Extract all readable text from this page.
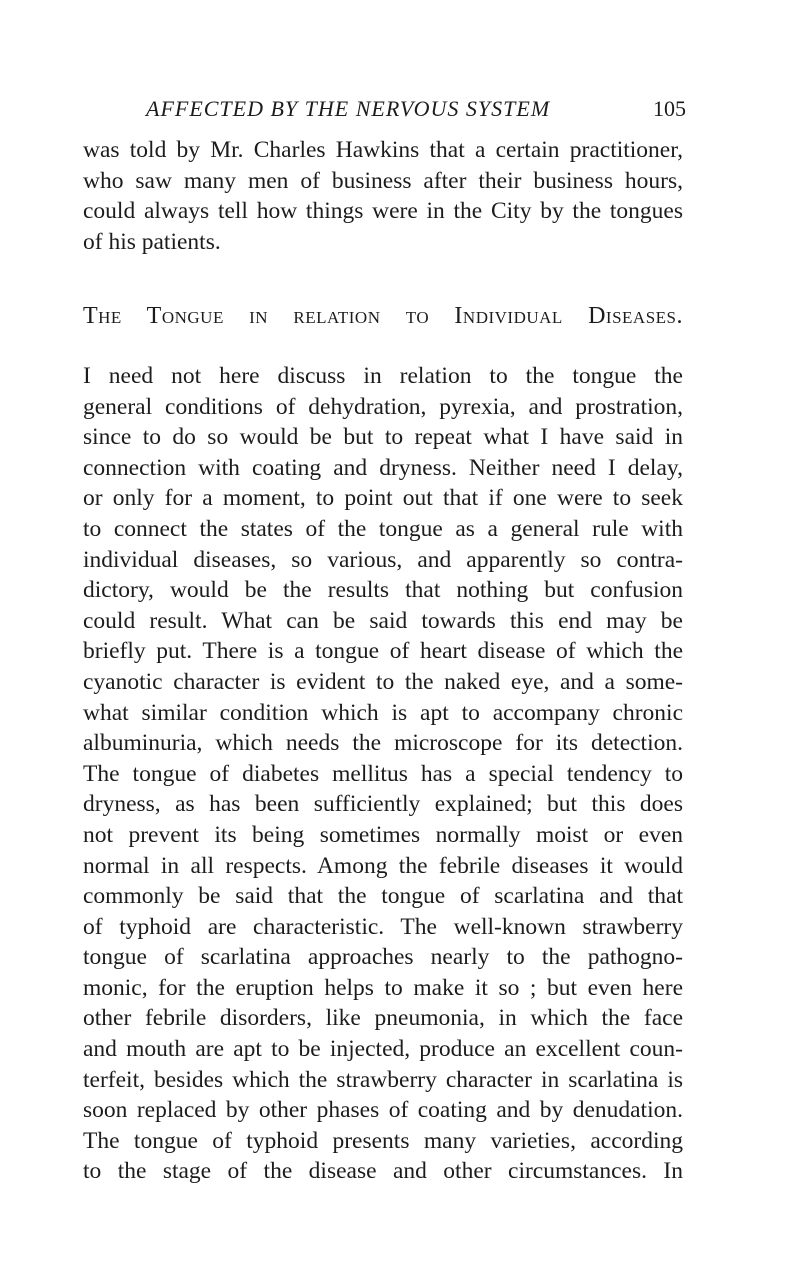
AFFECTED BY THE NERVOUS SYSTEM	105
was told by Mr. Charles Hawkins that a certain practitioner,
who saw many men of business after their business hours,
could always tell how things were in the City by the tongues
of his patients.
The Tongue in relation to Individual Diseases.
I need not here discuss in relation to the tongue the
general conditions of dehydration, pyrexia, and prostration,
since to do so would be but to repeat what I have said in
connection with coating and dryness. Neither need I delay,
or only for a moment, to point out that if one were to seek
to connect the states of the tongue as a general rule with
individual diseases, so various, and apparently so contra-
dictory, would be the results that nothing but confusion
could result. What can be said towards this end may be
briefly put. There is a tongue of heart disease of which the
cyanotic character is evident to the naked eye, and a some-
what similar condition which is apt to accompany chronic
albuminuria, which needs the microscope for its detection.
The tongue of diabetes mellitus has a special tendency to
dryness, as has been sufficiently explained; but this does
not prevent its being sometimes normally moist or even
normal in all respects. Among the febrile diseases it would
commonly be said that the tongue of scarlatina and that
of typhoid are characteristic. The well-known strawberry
tongue of scarlatina approaches nearly to the pathogno-
monic, for the eruption helps to make it so ; but even here
other febrile disorders, like pneumonia, in which the face
and mouth are apt to be injected, produce an excellent coun-
terfeit, besides which the strawberry character in scarlatina is
soon replaced by other phases of coating and by denudation.
The tongue of typhoid presents many varieties, according
to the stage of the disease and other circumstances. In
